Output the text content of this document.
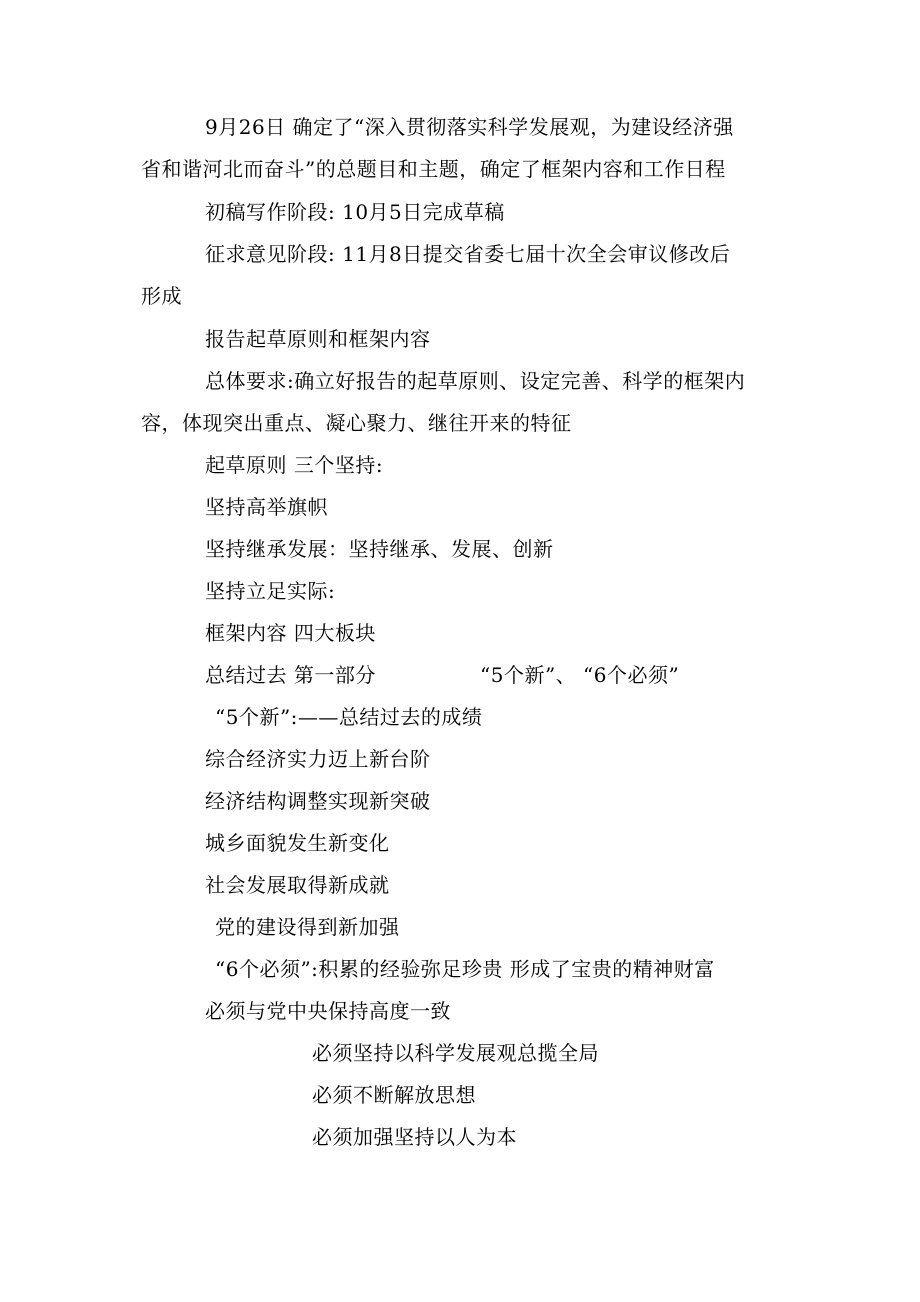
9月26日 确定了“深入贯彻落实科学发展观，为建设经济强
省和谐河北而奋斗”的总题目和主题，确定了框架内容和工作日程
初稿写作阶段: 10月5日完成草稿
征求意见阶段: 11月8日提交省委七届十次全会审议修改后
形成
报告起草原则和框架内容
总体要求:确立好报告的起草原则、设定完善、科学的框架内
容，体现突出重点、凝心聚力、继往开来的特征
起草原则 三个坚持:
坚持高举旗帜
坚持继承发展：坚持继承、发展、创新
坚持立足实际:
框架内容 四大板块
总结过去 第一部分	“5个新”、 “6个必须”
“5个新”:——总结过去的成绩
综合经济实力迈上新台阶
经济结构调整实现新突破
城乡面貌发生新变化
社会发展取得新成就
党的建设得到新加强
“6个必须”:积累的经验弥足珍贵 形成了宝贵的精神财富
必须与党中央保持高度一致
必须坚持以科学发展观总揽全局
必须不断解放思想
必须加强坚持以人为本
